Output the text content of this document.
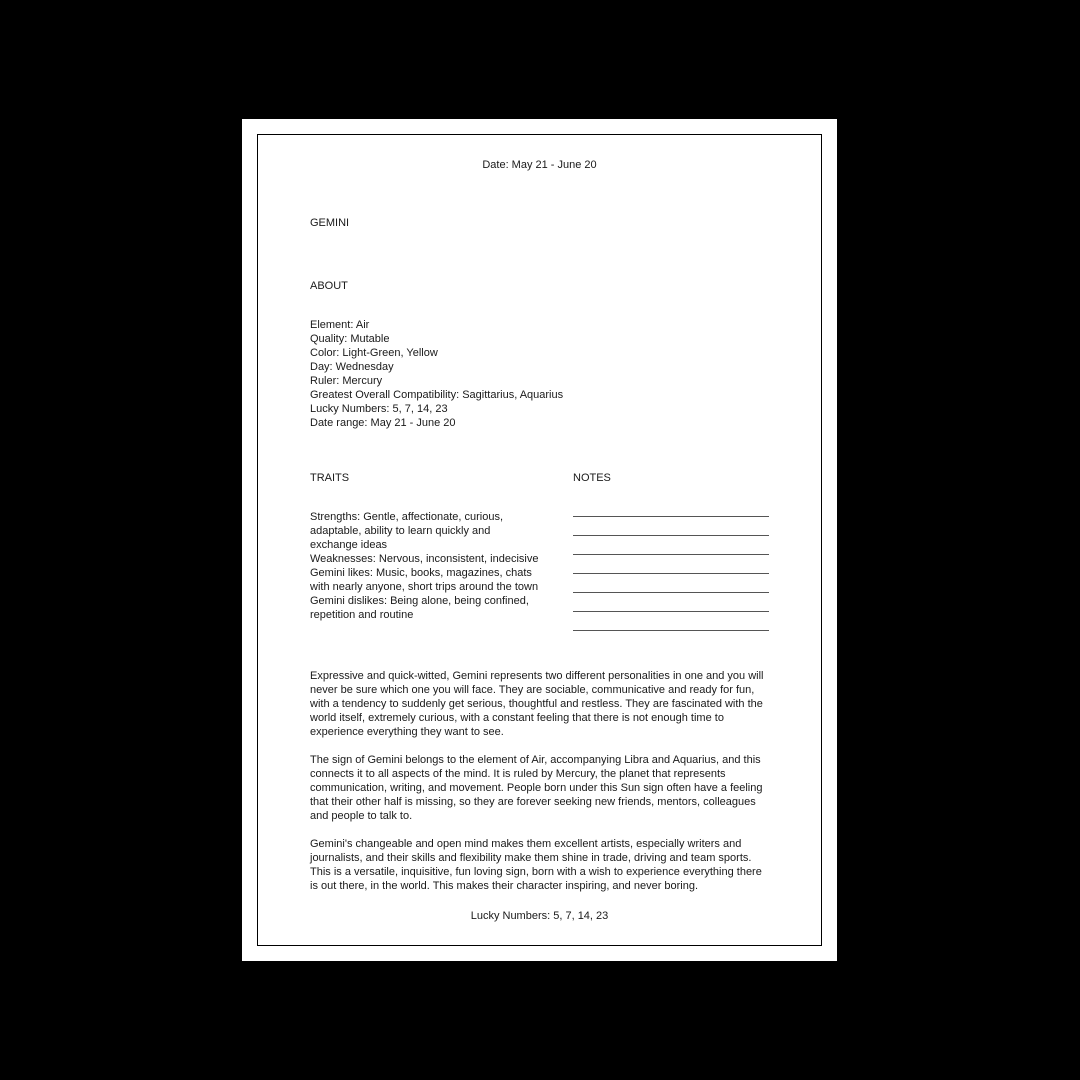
Date: May 21 - June 20
GEMINI
ABOUT
Element: Air
Quality: Mutable
Color: Light-Green, Yellow
Day: Wednesday
Ruler: Mercury
Greatest Overall Compatibility: Sagittarius, Aquarius
Lucky Numbers: 5, 7, 14, 23
Date range: May 21 - June 20
TRAITS	NOTES
Strengths: Gentle, affectionate, curious, adaptable, ability to learn quickly and exchange ideas
Weaknesses: Nervous, inconsistent, indecisive
Gemini likes: Music, books, magazines, chats with nearly anyone, short trips around the town
Gemini dislikes: Being alone, being confined, repetition and routine
Expressive and quick-witted, Gemini represents two different personalities in one and you will never be sure which one you will face. They are sociable, communicative and ready for fun, with a tendency to suddenly get serious, thoughtful and restless. They are fascinated with the world itself, extremely curious, with a constant feeling that there is not enough time to experience everything they want to see.
The sign of Gemini belongs to the element of Air, accompanying Libra and Aquarius, and this connects it to all aspects of the mind. It is ruled by Mercury, the planet that represents communication, writing, and movement. People born under this Sun sign often have a feeling that their other half is missing, so they are forever seeking new friends, mentors, colleagues and people to talk to.
Gemini's changeable and open mind makes them excellent artists, especially writers and journalists, and their skills and flexibility make them shine in trade, driving and team sports. This is a versatile, inquisitive, fun loving sign, born with a wish to experience everything there is out there, in the world. This makes their character inspiring, and never boring.
Lucky Numbers: 5, 7, 14, 23
